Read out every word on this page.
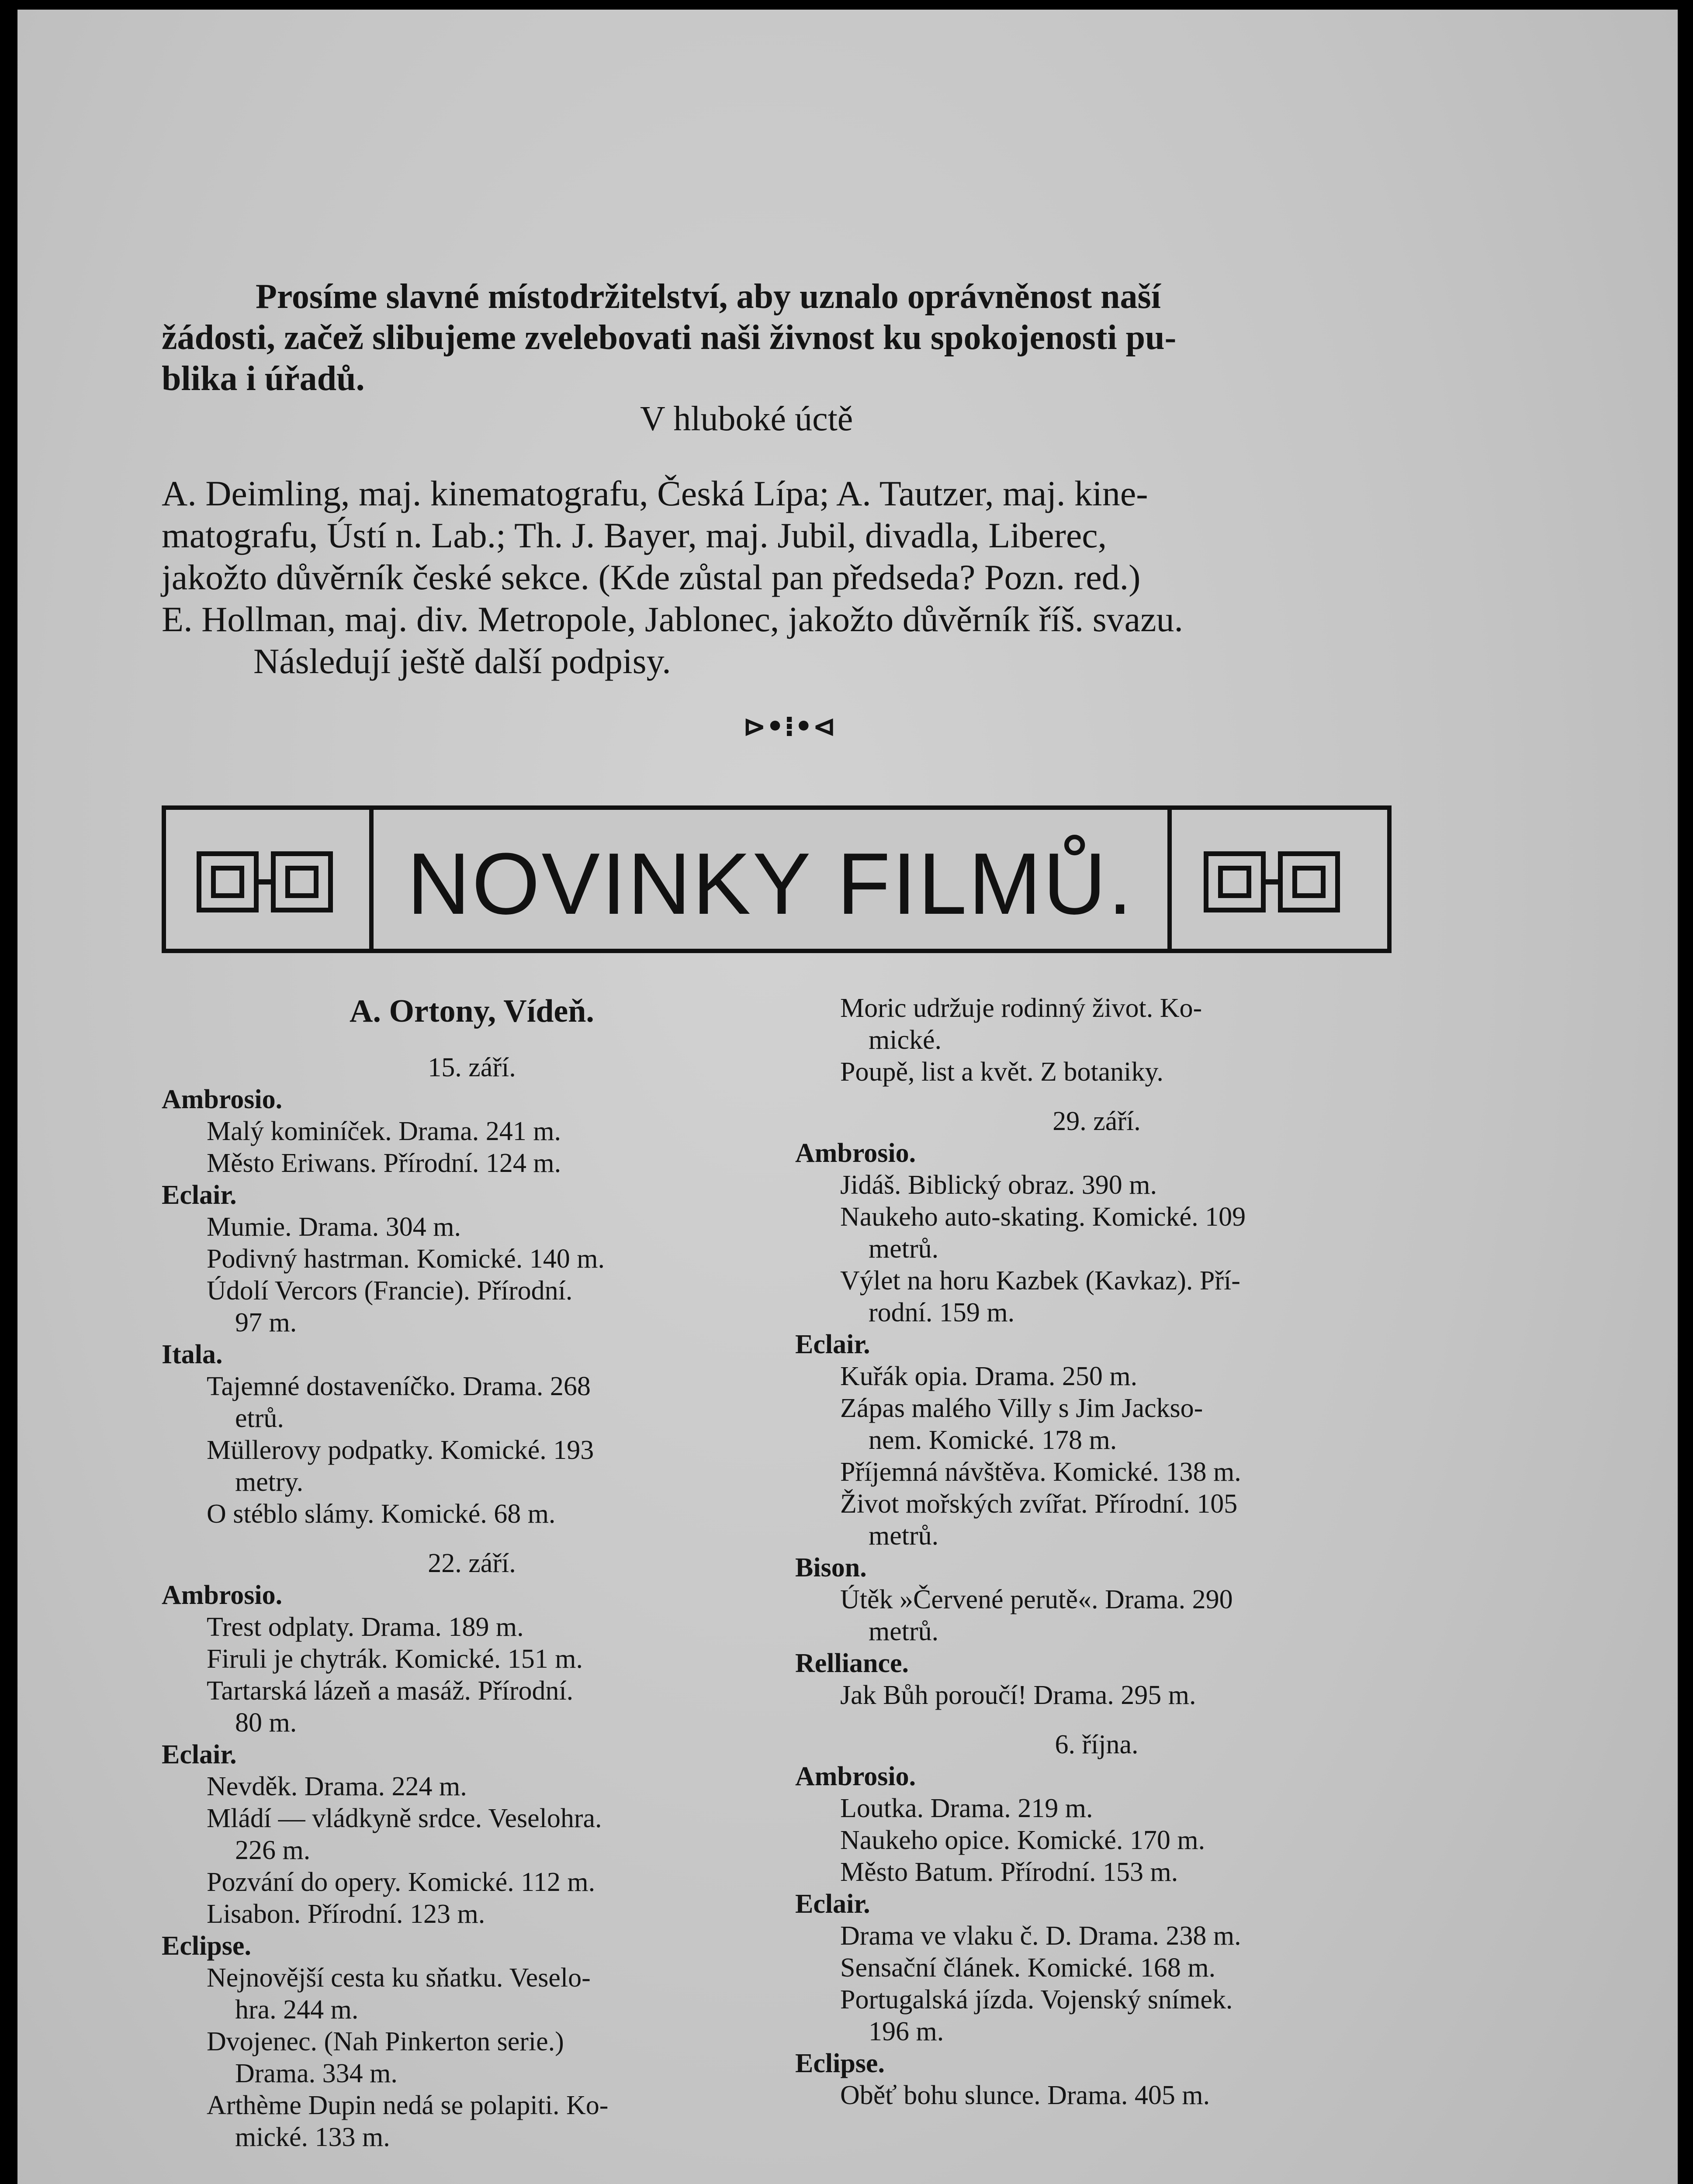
Prosíme slavné místodržitelství, aby uznalo oprávněnost naší
žádosti, začež slibujeme zvelebovati naši živnost ku spokojenosti pu-
blika i úřadů.
V hluboké úctě
A. Deimling, maj. kinematografu, Česká Lípa; A. Tautzer, maj. kine-
matografu, Ústí n. Lab.; Th. J. Bayer, maj. Jubil, divadla, Liberec,
jakožto důvěrník české sekce. (Kde zůstal pan předseda? Pozn. red.)
E. Hollman, maj. div. Metropole, Jablonec, jakožto důvěrník říš. svazu.
Následují ještě další podpisy.
⊳•⁝•⊲
NOVINKY FILMŮ.
A. Ortony, Vídeň.
15. září.
Ambrosio.
Malý kominíček. Drama. 241 m.
Město Eriwans. Přírodní. 124 m.
Eclair.
Mumie. Drama. 304 m.
Podivný hastrman. Komické. 140 m.
Údolí Vercors (Francie). Přírodní.
97 m.
Itala.
Tajemné dostaveníčko. Drama. 268
etrů.
Müllerovy podpatky. Komické. 193
metry.
O stéblo slámy. Komické. 68 m.
22. září.
Ambrosio.
Trest odplaty. Drama. 189 m.
Firuli je chytrák. Komické. 151 m.
Tartarská lázeň a masáž. Přírodní.
80 m.
Eclair.
Nevděk. Drama. 224 m.
Mládí — vládkyně srdce. Veselohra.
226 m.
Pozvání do opery. Komické. 112 m.
Lisabon. Přírodní. 123 m.
Eclipse.
Nejnovější cesta ku sňatku. Veselo-
hra. 244 m.
Dvojenec. (Nah Pinkerton serie.)
Drama. 334 m.
Arthème Dupin nedá se polapiti. Ko-
mické. 133 m.
Moric udržuje rodinný život. Ko-
mické.
Poupě, list a květ. Z botaniky.
29. září.
Ambrosio.
Jidáš. Biblický obraz. 390 m.
Naukeho auto-skating. Komické. 109
metrů.
Výlet na horu Kazbek (Kavkaz). Pří-
rodní. 159 m.
Eclair.
Kuřák opia. Drama. 250 m.
Zápas malého Villy s Jim Jackso-
nem. Komické. 178 m.
Příjemná návštěva. Komické. 138 m.
Život mořských zvířat. Přírodní. 105
metrů.
Bison.
Útěk »Červené perutě«. Drama. 290
metrů.
Relliance.
Jak Bůh poroučí! Drama. 295 m.
6. října.
Ambrosio.
Loutka. Drama. 219 m.
Naukeho opice. Komické. 170 m.
Město Batum. Přírodní. 153 m.
Eclair.
Drama ve vlaku č. D. Drama. 238 m.
Sensační článek. Komické. 168 m.
Portugalská jízda. Vojenský snímek.
196 m.
Eclipse.
Oběť bohu slunce. Drama. 405 m.
